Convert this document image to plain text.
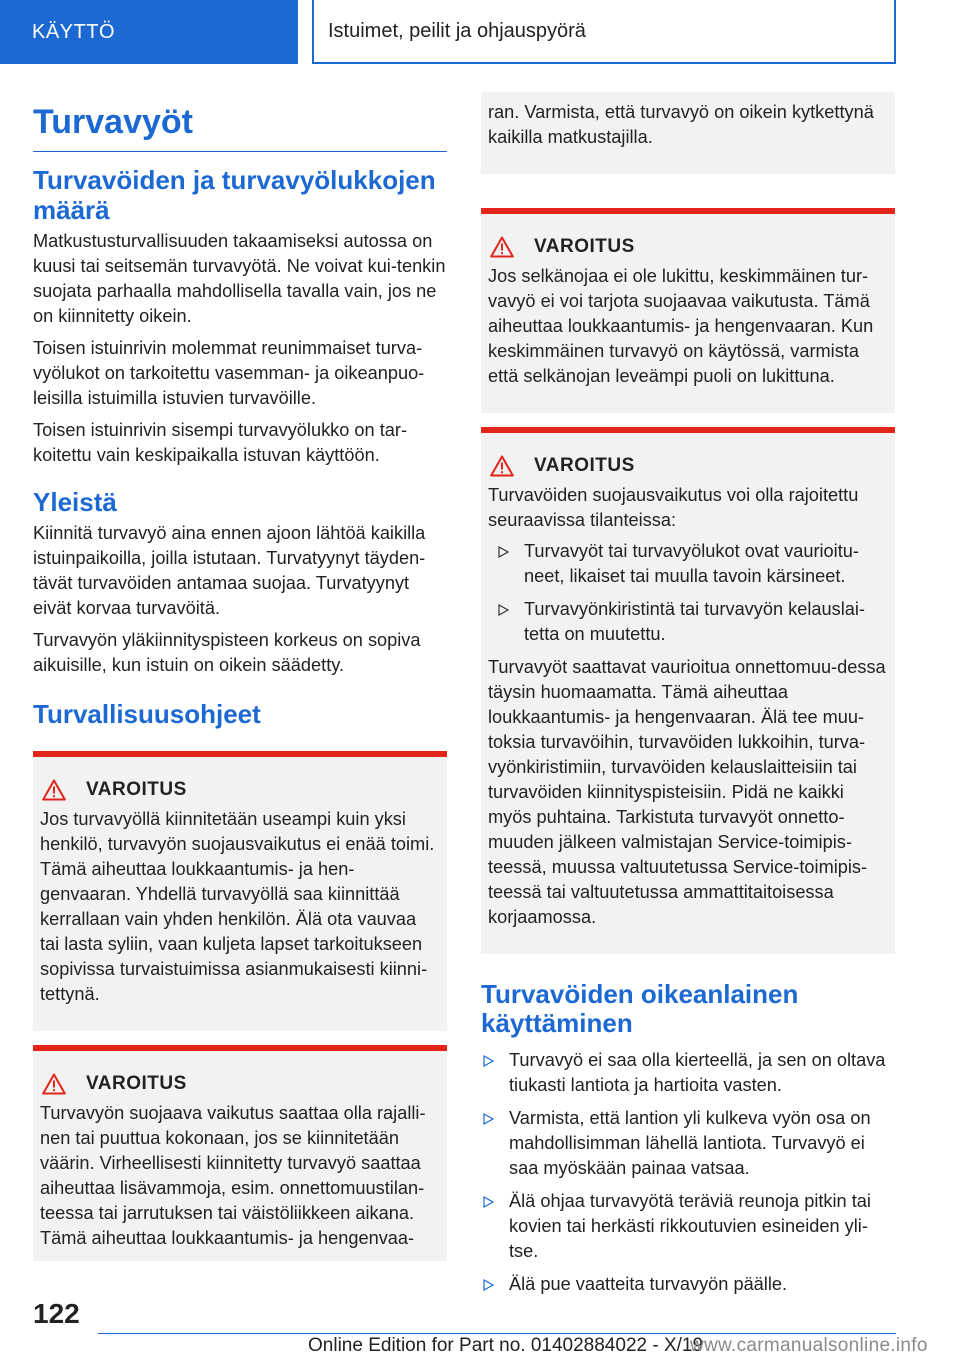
KÄYTTÖ	Istuimet, peilit ja ohjauspyörä
Turvavyöt
Turvavöiden ja turvavyölukkojen määrä

Matkustusturvallisuuden takaamiseksi autossa on kuusi tai seitsemän turvavyötä. Ne voivat kui-tenkin suojata parhaalla mahdollisella tavalla vain, jos ne on kiinnitetty oikein.

Toisen istuinrivin molemmat reunimmaiset turva-vyölukot on tarkoitettu vasemman- ja oikeanpuo-leisilla istuimilla istuvien turvavöille.

Toisen istuinrivin sisempi turvavyölukko on tar-koitettu vain keskipaikalla istuvan käyttöön.

Yleistä

Kiinnitä turvavyö aina ennen ajoon lähtöä kaikilla istuinpaikoilla, joilla istutaan. Turvatyynyt täyden-tävät turvavöiden antamaa suojaa. Turvatyynyt eivät korvaa turvavöitä.

Turvavyön yläkiinnityspisteen korkeus on sopiva aikuisille, kun istuin on oikein säädetty.

Turvallisuusohjeet
VAROITUS

Jos turvavyöllä kiinnitetään useampi kuin yksi henkilö, turvavyön suojausvaikutus ei enää toimi. Tämä aiheuttaa loukkaantumis- ja hen-genvaaran. Yhdellä turvavyöllä saa kiinnittää kerrallaan vain yhden henkilön. Älä ota vauvaa tai lasta syliin, vaan kuljeta lapset tarkoitukseen sopivissa turvaistuimissa asianmukaisesti kiinni-tettynä.

VAROITUS

Turvavyön suojaava vaikutus saattaa olla rajalli-nen tai puuttua kokonaan, jos se kiinnitetään väärin. Virheellisesti kiinnitetty turvavyö saattaa aiheuttaa lisävammoja, esim. onnettomuustilan-teessa tai jarrutuksen tai väistöliikkeen aikana. Tämä aiheuttaa loukkaantumis- ja hengenvaa-

ran. Varmista, että turvavyö on oikein kytkettynä kaikilla matkustajilla.

VAROITUS

Jos selkänojaa ei ole lukittu, keskimmäinen tur-vavyö ei voi tarjota suojaavaa vaikutusta. Tämä aiheuttaa loukkaantumis- ja hengenvaaran. Kun keskimmäinen turvavyö on käytössä, varmista että selkänojan leveämpi puoli on lukittuna.

VAROITUS

Turvavöiden suojausvaikutus voi olla rajoitettu seuraavissa tilanteissa:

Turvavyöt tai turvavyölukot ovat vaurioitu-neet, likaiset tai muulla tavoin kärsineet.
Turvavyönkiristintä tai turvavyön kelauslai-tetta on muutettu.

Turvavyöt saattavat vaurioitua onnettomuu-dessa täysin huomaamatta. Tämä aiheuttaa loukkaantumis- ja hengenvaaran. Älä tee muu-toksia turvavöihin, turvavöiden lukkoihin, turva-vyönkiristimiin, turvavöiden kelauslaitteisiin tai turvavöiden kiinnityspisteisiin. Pidä ne kaikki myös puhtaina. Tarkistuta turvavyöt onnetto-muuden jälkeen valmistajan Service-toimipis-teessä, muussa valtuutetussa Service-toimipis-teessä tai valtuutetussa ammattitaitoisessa korjaamossa.

Turvavöiden oikeanlainen käyttäminen
Turvavyö ei saa olla kierteellä, ja sen on oltava tiukasti lantiota ja hartioita vasten.
Varmista, että lantion yli kulkeva vyön osa on mahdollisimman lähellä lantiota. Turvavyö ei saa myöskään painaa vatsaa.
Älä ohjaa turvavyötä teräviä reunoja pitkin tai kovien tai herkästi rikkoutuvien esineiden yli-tse.
Älä pue vaatteita turvavyön päälle.
122
Online Edition for Part no. 01402884022 - X/19
www.carmanualsonline.info
